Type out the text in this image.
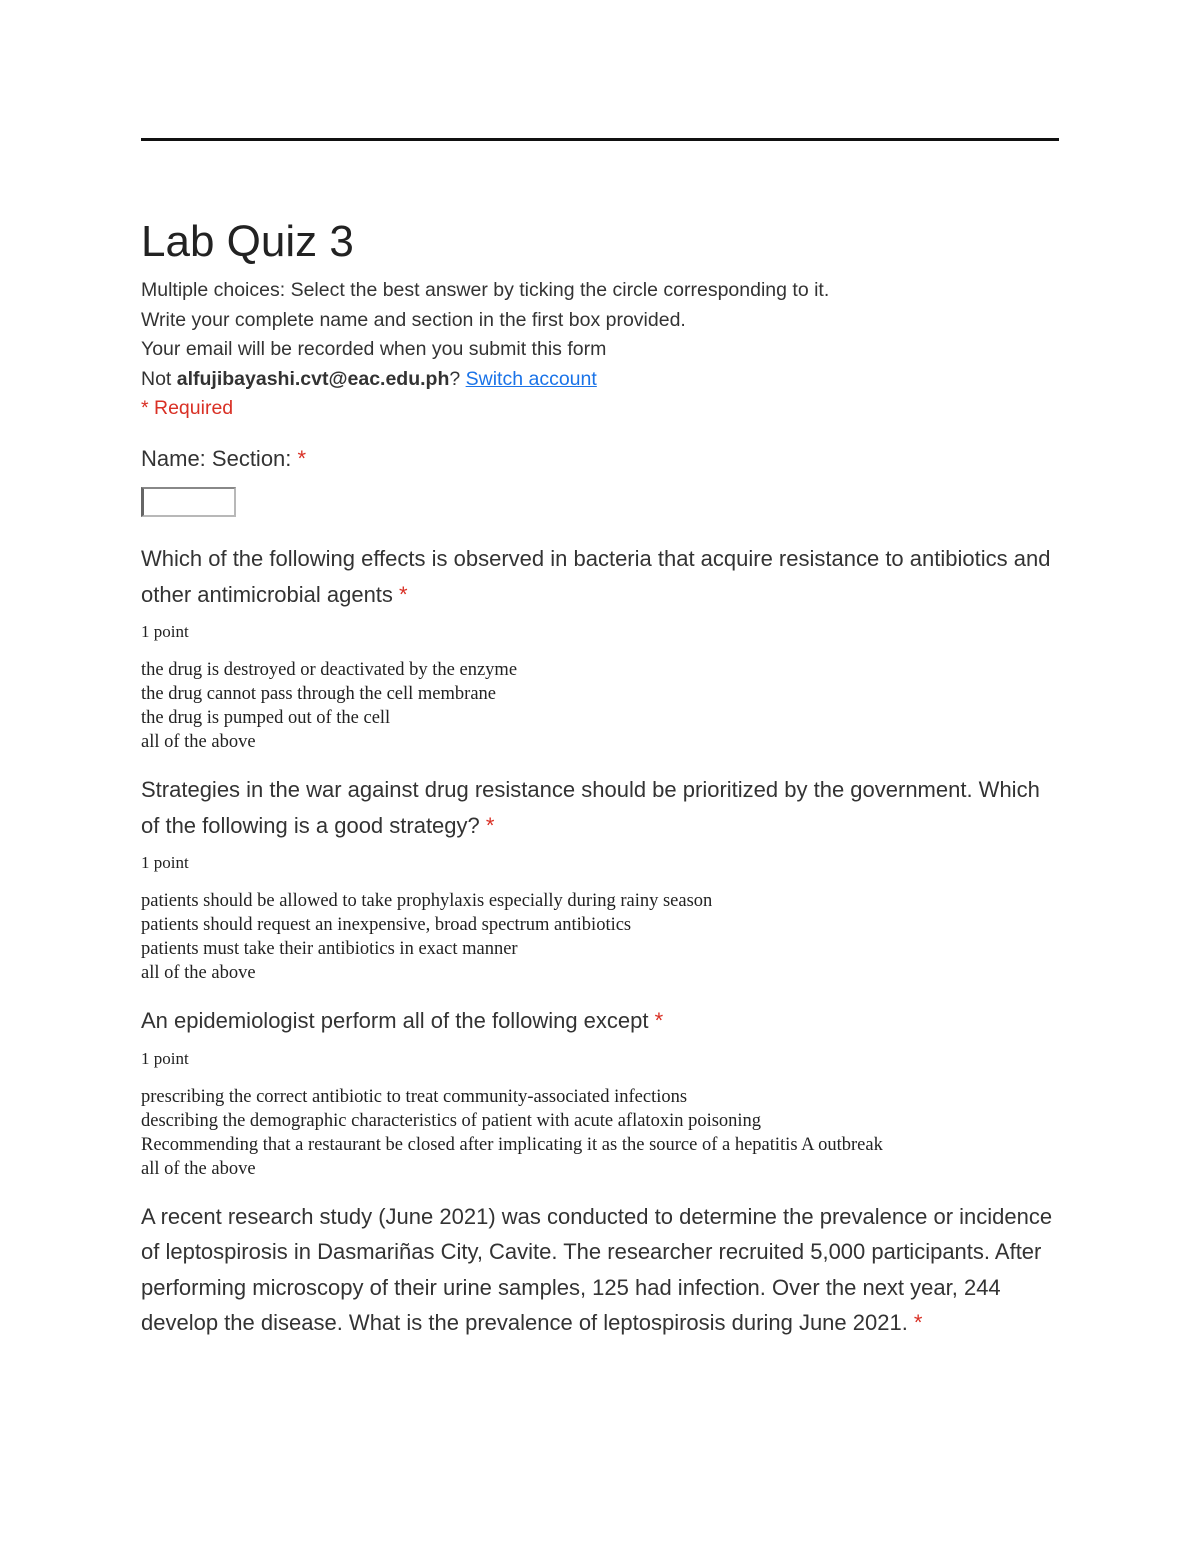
Lab Quiz 3
Multiple choices: Select the best answer by ticking the circle corresponding to it.
Write your complete name and section in the first box provided.
Your email will be recorded when you submit this form
Not alfujibayashi.cvt@eac.edu.ph? Switch account
* Required
Name: Section: *
Which of the following effects is observed in bacteria that acquire resistance to antibiotics and other antimicrobial agents *
1 point
the drug is destroyed or deactivated by the enzyme
the drug cannot pass through the cell membrane
the drug is pumped out of the cell
all of the above
Strategies in the war against drug resistance should be prioritized by the government. Which of the following is a good strategy? *
1 point
patients should be allowed to take prophylaxis especially during rainy season
patients should request an inexpensive, broad spectrum antibiotics
patients must take their antibiotics in exact manner
all of the above
An epidemiologist perform all of the following except *
1 point
prescribing the correct antibiotic to treat community-associated infections
describing the demographic characteristics of patient with acute aflatoxin poisoning
Recommending that a restaurant be closed after implicating it as the source of a hepatitis A outbreak
all of the above
A recent research study (June 2021) was conducted to determine the prevalence or incidence of leptospirosis in Dasmariñas City, Cavite. The researcher recruited 5,000 participants. After performing microscopy of their urine samples, 125 had infection. Over the next year, 244 develop the disease. What is the prevalence of leptospirosis during June 2021. *
